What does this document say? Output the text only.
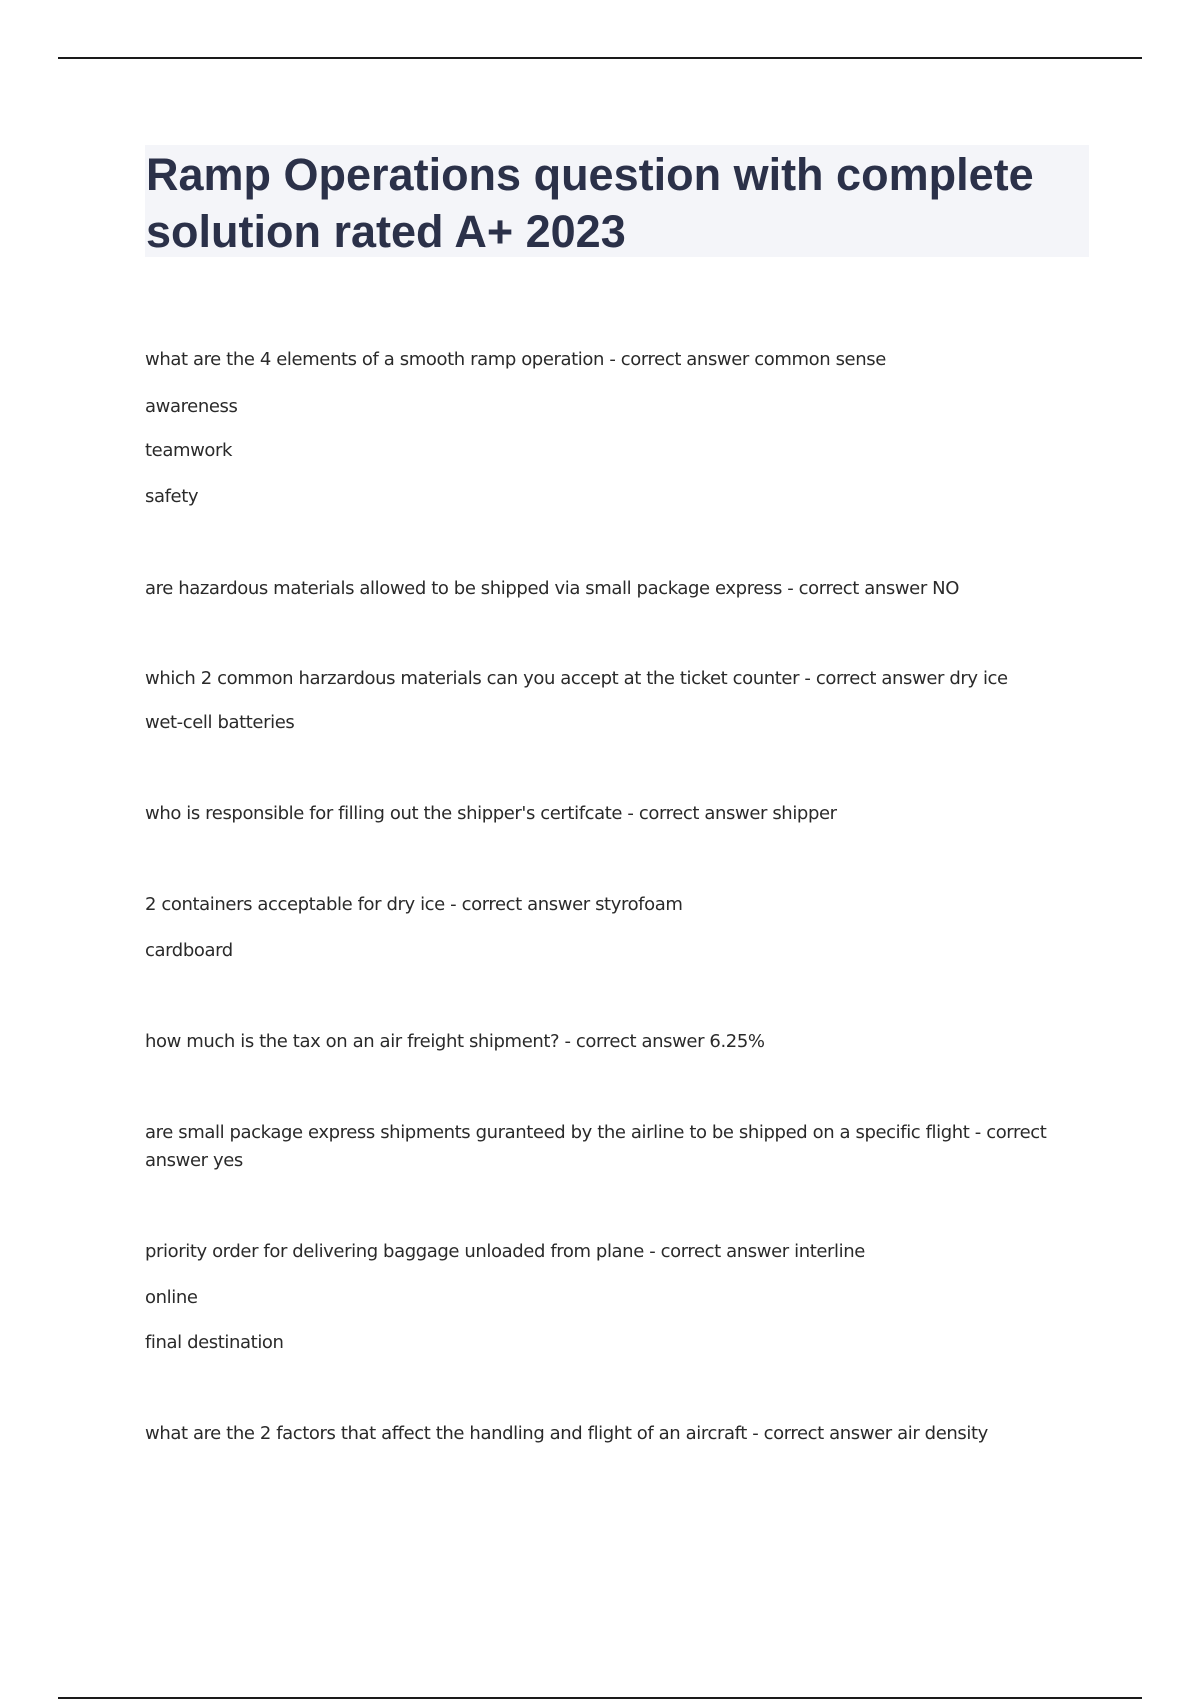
Ramp Operations question with complete solution rated A+ 2023

what are the 4 elements of a smooth ramp operation - correct answer common sense

awareness

teamwork

safety

are hazardous materials allowed to be shipped via small package express - correct answer NO

which 2 common harzardous materials can you accept at the ticket counter - correct answer dry ice

wet-cell batteries

who is responsible for filling out the shipper's certifcate - correct answer shipper

2 containers acceptable for dry ice - correct answer styrofoam

cardboard

how much is the tax on an air freight shipment? - correct answer 6.25%

are small package express shipments guranteed by the airline to be shipped on a specific flight - correct answer yes

priority order for delivering baggage unloaded from plane - correct answer interline

online

final destination

what are the 2 factors that affect the handling and flight of an aircraft - correct answer air density
